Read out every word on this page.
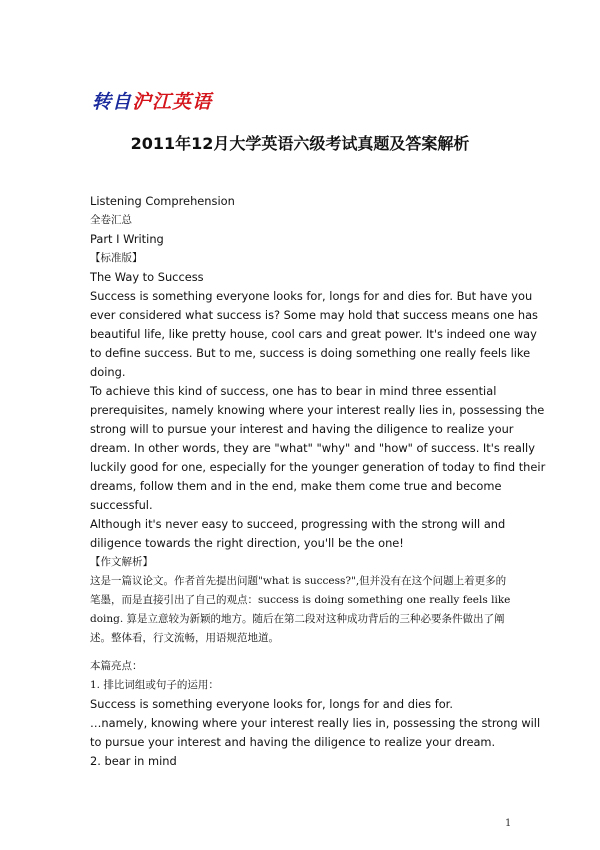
转自 沪江英语
2011年12月大学英语六级考试真题及答案解析
Listening Comprehension
全卷汇总
Part I Writing
【标准版】
The Way to Success
Success is something everyone looks for, longs for and dies for. But have you
ever considered what success is? Some may hold that success means one has
beautiful life, like pretty house, cool cars and great power. It's indeed one way
to define success. But to me, success is doing something one really feels like
doing.
To achieve this kind of success, one has to bear in mind three essential
prerequisites, namely knowing where your interest really lies in, possessing the
strong will to pursue your interest and having the diligence to realize your
dream. In other words, they are "what" "why" and "how" of success. It's really
luckily good for one, especially for the younger generation of today to find their
dreams, follow them and in the end, make them come true and become
successful.
Although it's never easy to succeed, progressing with the strong will and
diligence towards the right direction, you'll be the one!
【作文解析】
这是一篇议论文。作者首先提出问题"what is success?",但并没有在这个问题上着更多的
笔墨，而是直接引出了自己的观点：success is doing something one really feels like
doing. 算是立意较为新颖的地方。随后在第二段对这种成功背后的三种必要条件做出了阐
述。整体看，行文流畅，用语规范地道。
本篇亮点：
1. 排比词组或句子的运用：
Success is something everyone looks for, longs for and dies for.
…namely, knowing where your interest really lies in, possessing the strong will
to pursue your interest and having the diligence to realize your dream.
2. bear in mind
1
